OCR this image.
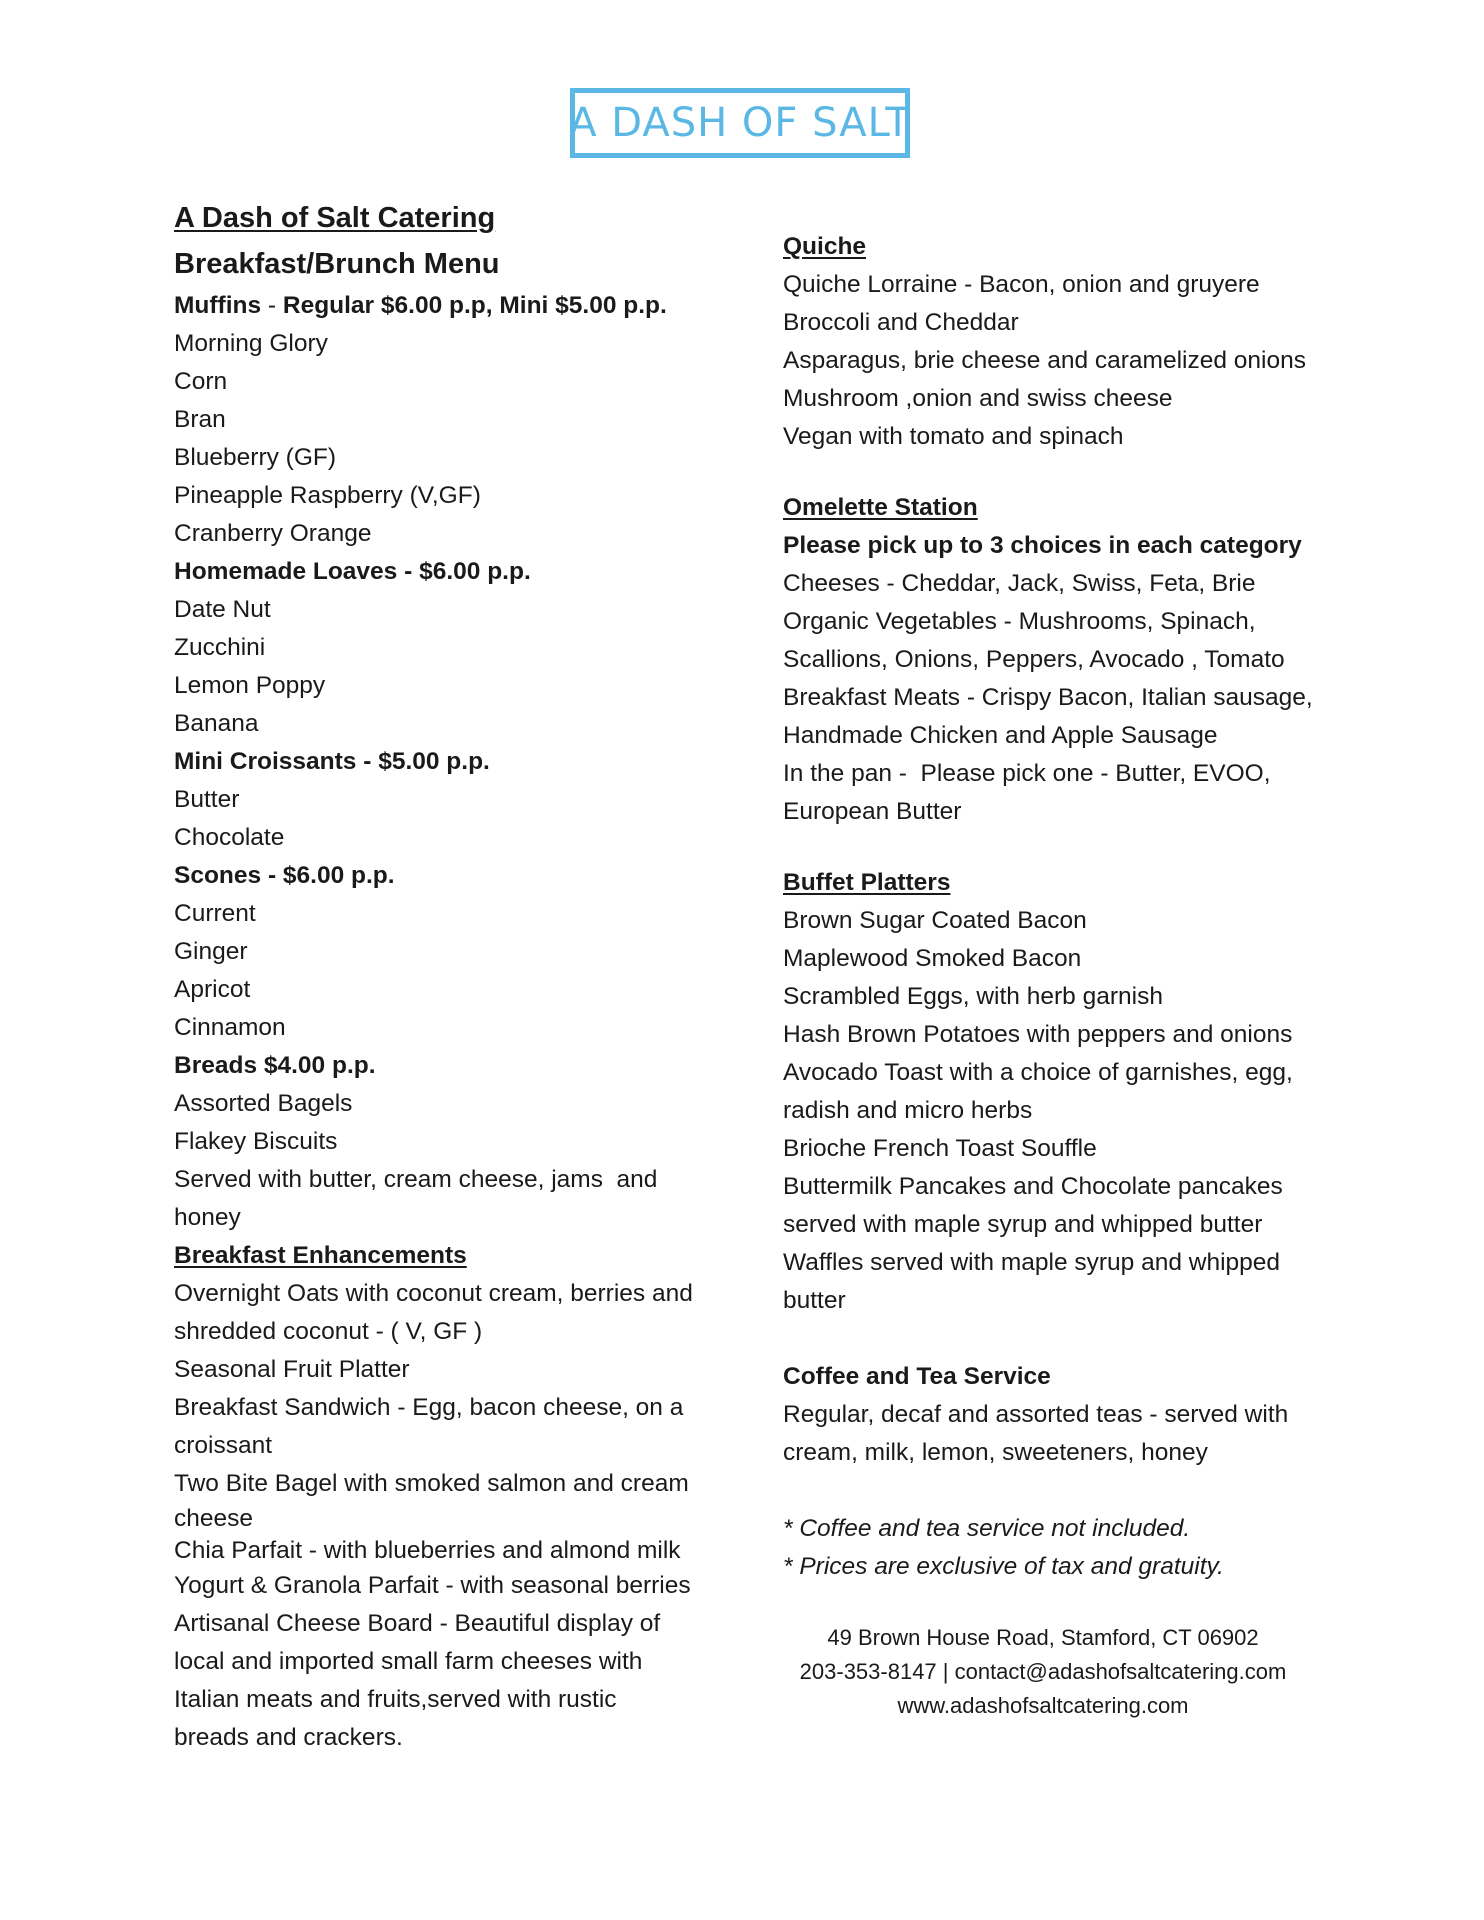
A DASH OF SALT
A Dash of Salt Catering
Breakfast/Brunch Menu
Muffins - Regular $6.00 p.p, Mini $5.00 p.p.
Morning Glory
Corn
Bran
Blueberry (GF)
Pineapple Raspberry (V,GF)
Cranberry Orange
Homemade Loaves - $6.00 p.p.
Date Nut
Zucchini
Lemon Poppy
Banana
Mini Croissants - $5.00 p.p.
Butter
Chocolate
Scones - $6.00 p.p.
Current
Ginger
Apricot
Cinnamon
Breads $4.00 p.p.
Assorted Bagels
Flakey Biscuits
Served with butter, cream cheese, jams  and
honey
Breakfast Enhancements
Overnight Oats with coconut cream, berries and
shredded coconut - ( V, GF )
Seasonal Fruit Platter
Breakfast Sandwich - Egg, bacon cheese, on a
croissant
Two Bite Bagel with smoked salmon and cream
cheese
Chia Parfait - with blueberries and almond milk
Yogurt & Granola Parfait - with seasonal berries
Artisanal Cheese Board - Beautiful display of
local and imported small farm cheeses with
Italian meats and fruits,served with rustic
breads and crackers.
Quiche
Quiche Lorraine - Bacon, onion and gruyere
Broccoli and Cheddar
Asparagus, brie cheese and caramelized onions
Mushroom ,onion and swiss cheese
Vegan with tomato and spinach
Omelette Station
Please pick up to 3 choices in each category
Cheeses - Cheddar, Jack, Swiss, Feta, Brie
Organic Vegetables - Mushrooms, Spinach,
Scallions, Onions, Peppers, Avocado , Tomato
Breakfast Meats - Crispy Bacon, Italian sausage,
Handmade Chicken and Apple Sausage
In the pan -  Please pick one - Butter, EVOO,
European Butter
Buffet Platters
Brown Sugar Coated Bacon
Maplewood Smoked Bacon
Scrambled Eggs, with herb garnish
Hash Brown Potatoes with peppers and onions
Avocado Toast with a choice of garnishes, egg,
radish and micro herbs
Brioche French Toast Souffle
Buttermilk Pancakes and Chocolate pancakes
served with maple syrup and whipped butter
Waffles served with maple syrup and whipped
butter
Coffee and Tea Service
Regular, decaf and assorted teas - served with
cream, milk, lemon, sweeteners, honey
* Coffee and tea service not included.
* Prices are exclusive of tax and gratuity.
49 Brown House Road, Stamford, CT 06902
203-353-8147 | contact@adashofsaltcatering.com
www.adashofsaltcatering.com
